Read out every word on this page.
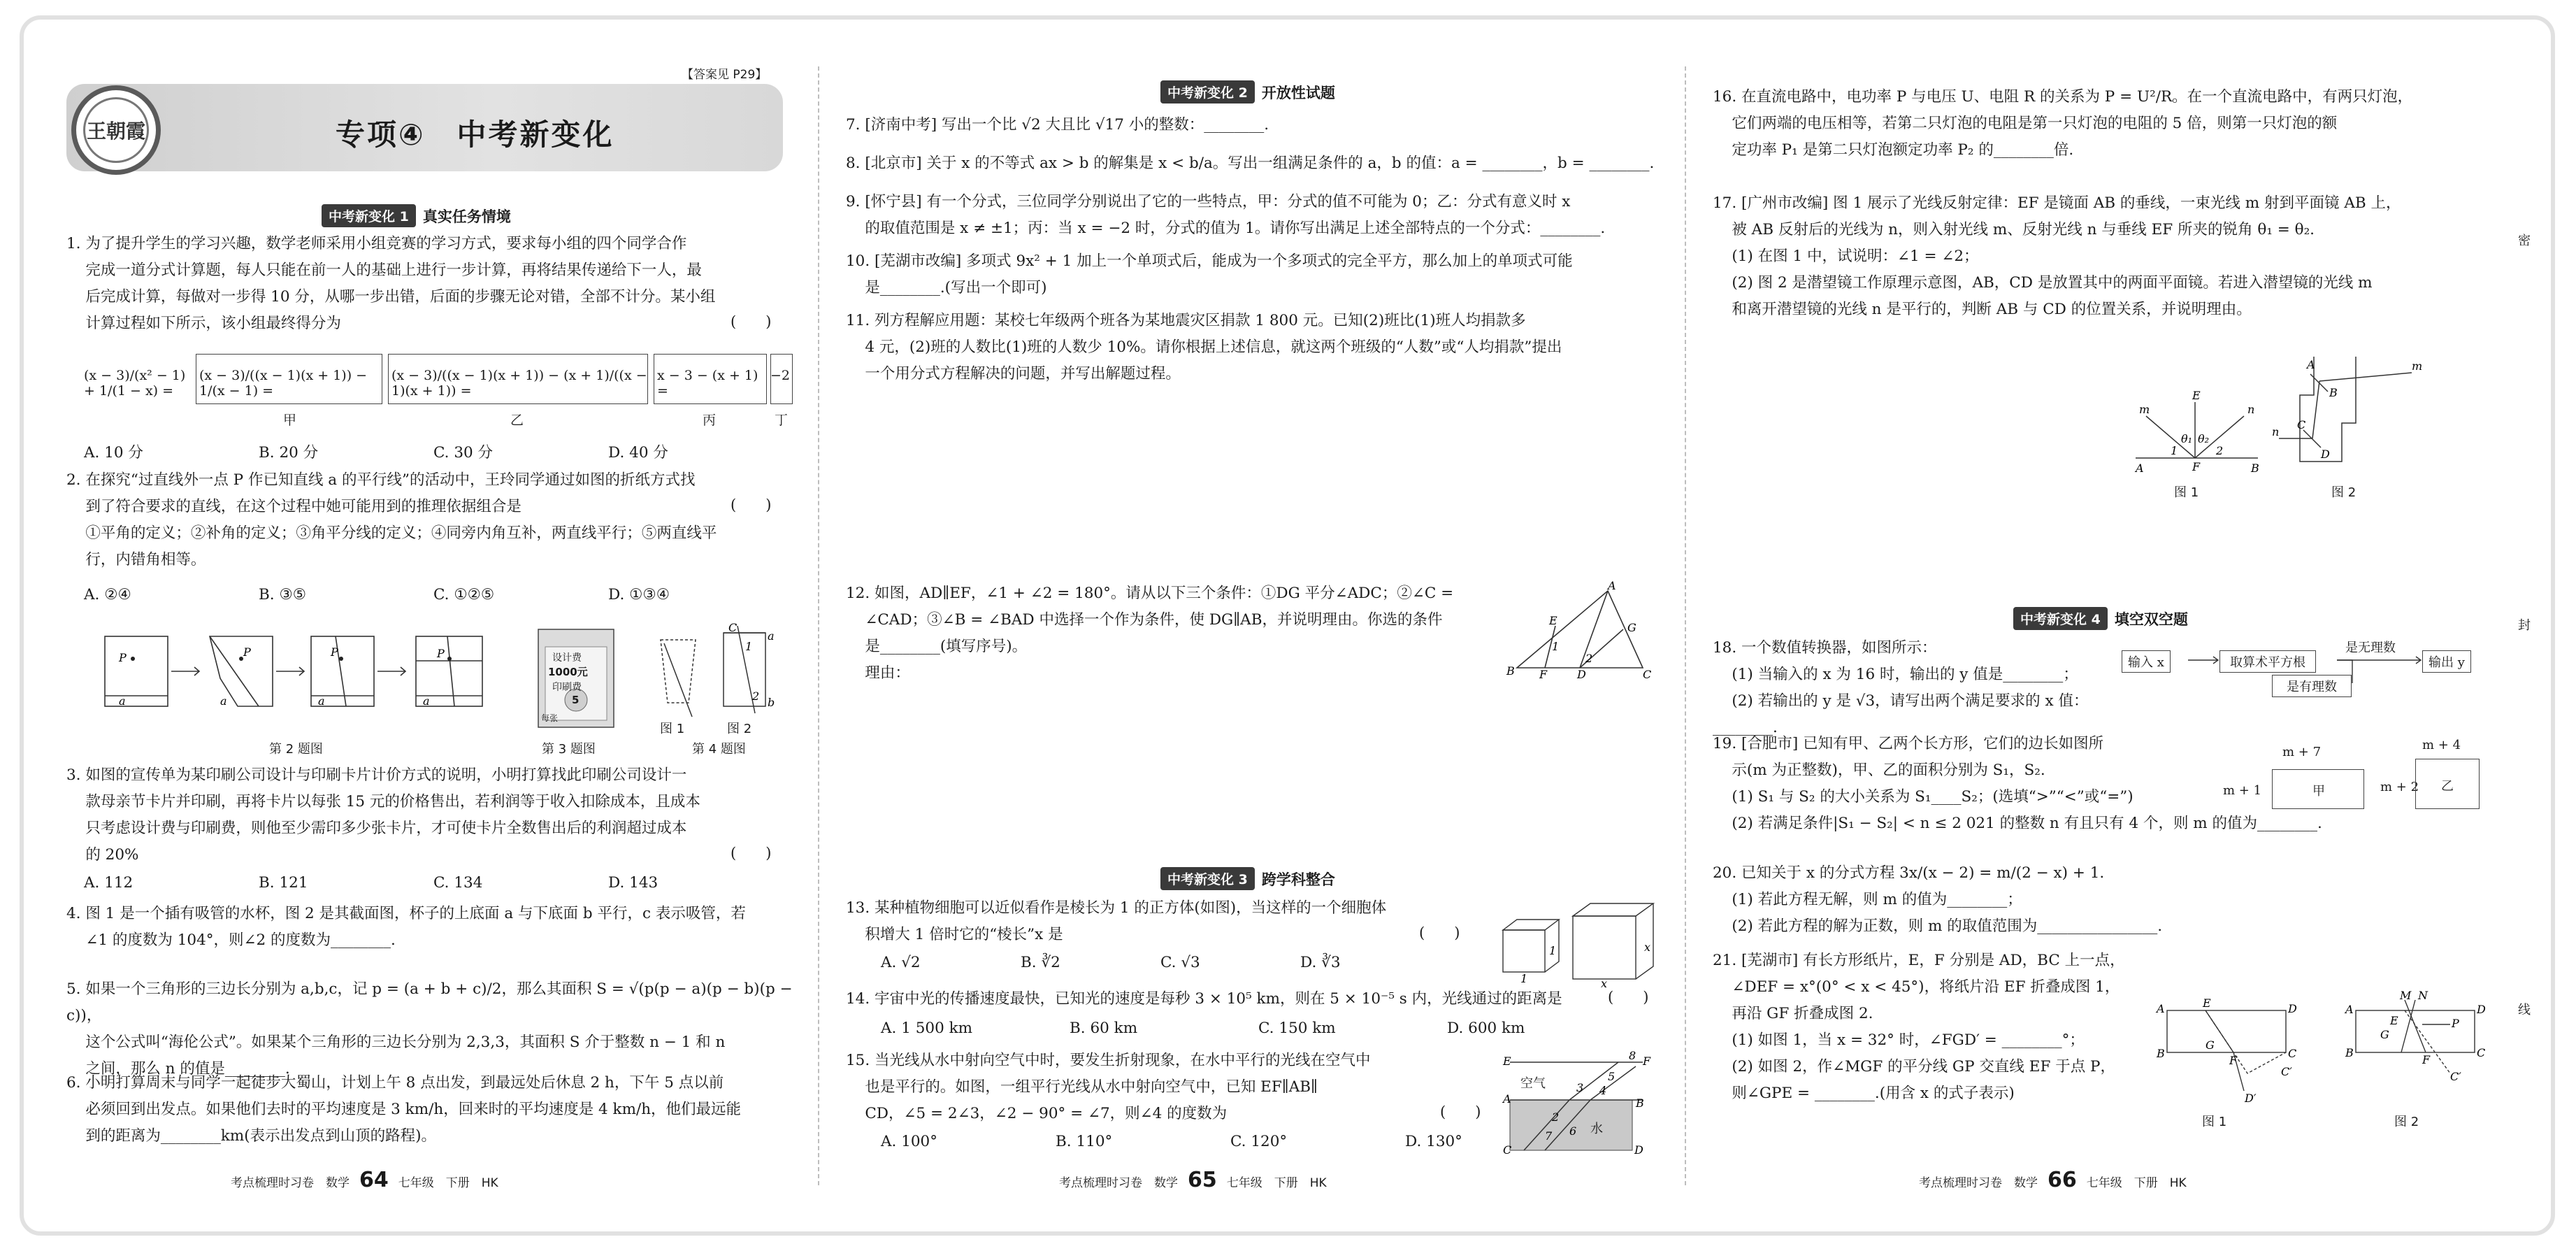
【答案见 P29】
王朝霞	专项④　中考新变化
中考新变化 1 真实任务情境
1. 为了提升学生的学习兴趣，数学老师采用小组竞赛的学习方式，要求每小组的四个同学合作
完成一道分式计算题，每人只能在前一人的基础上进行一步计算，再将结果传递给下一人，最
后完成计算，每做对一步得 10 分，从哪一步出错，后面的步骤无论对错，全部不计分。某小组
计算过程如下所示，该小组最终得分为	(　　)
(x − 3)/(x² − 1) + 1/(1 − x) =
(x − 3)/((x − 1)(x + 1)) − 1/(x − 1) =
(x − 3)/((x − 1)(x + 1)) − (x + 1)/((x − 1)(x + 1)) =
x − 3 − (x + 1) =
−2
甲	乙	丙	丁
A. 10 分	B. 20 分	C. 30 分	D. 40 分
2. 在探究“过直线外一点 P 作已知直线 a 的平行线”的活动中，王玲同学通过如图的折纸方式找
到了符合要求的直线，在这个过程中她可能用到的推理依据组合是
①平角的定义；②补角的定义；③角平分线的定义；④同旁内角互补，两直线平行；⑤两直线平
行，内错角相等。
(　　)
A. ②④	B. ③⑤	C. ①②⑤	D. ①③④
P
a
P
a
P
a
P
a
设计费
1000元
印刷费
5
每张
C
a
b
1
2
图 1	图 2
第 2 题图	第 3 题图	第 4 题图
3. 如图的宣传单为某印刷公司设计与印刷卡片计价方式的说明，小明打算找此印刷公司设计一
款母亲节卡片并印刷，再将卡片以每张 15 元的价格售出，若利润等于收入扣除成本，且成本
只考虑设计费与印刷费，则他至少需印多少张卡片，才可使卡片全数售出后的利润超过成本
的 20%	(　　)
A. 112	B. 121	C. 134	D. 143
4. 图 1 是一个插有吸管的水杯，图 2 是其截面图，杯子的上底面 a 与下底面 b 平行，c 表示吸管，若
∠1 的度数为 104°，则∠2 的度数为________.
5. 如果一个三角形的三边长分别为 a,b,c，记 p = (a + b + c)/2，那么其面积 S = √(p(p − a)(p − b)(p − c))，
这个公式叫“海伦公式”。如果某个三角形的三边长分别为 2,3,3，其面积 S 介于整数 n − 1 和 n
之间，那么 n 的值是________.
6. 小明打算周末与同学一起徒步大蜀山，计划上午 8 点出发，到最远处后休息 2 h，下午 5 点以前
必须回到出发点。如果他们去时的平均速度是 3 km/h，回来时的平均速度是 4 km/h，他们最远能
到的距离为________km(表示出发点到山顶的路程)。
考点梳理时习卷　数学 64 七年级　下册　HK
中考新变化 2 开放性试题
7. [济南中考] 写出一个比 √2 大且比 √17 小的整数：________.
8. [北京市] 关于 x 的不等式 ax > b 的解集是 x < b/a。写出一组满足条件的 a，b 的值：a = ________，b = ________.
9. [怀宁县] 有一个分式，三位同学分别说出了它的一些特点，甲：分式的值不可能为 0；乙：分式有意义时 x
的取值范围是 x ≠ ±1；丙：当 x = −2 时，分式的值为 1。请你写出满足上述全部特点的一个分式：________.
10. [芜湖市改编] 多项式 9x² + 1 加上一个单项式后，能成为一个多项式的完全平方，那么加上的单项式可能
是________.(写出一个即可)
11. 列方程解应用题：某校七年级两个班各为某地震灾区捐款 1 800 元。已知(2)班比(1)班人均捐款多
4 元，(2)班的人数比(1)班的人数少 10%。请你根据上述信息，就这两个班级的“人数”或“人均捐款”提出
一个用分式方程解决的问题，并写出解题过程。
12. 如图，AD∥EF，∠1 + ∠2 = 180°。请从以下三个条件：①DG 平分∠ADC；②∠C =
∠CAD；③∠B = ∠BAD 中选择一个作为条件，使 DG∥AB，并说明理由。你选的条件
是________(填写序号)。
理由：
A
B	C
D
E
F
G
2
1
中考新变化 3 跨学科整合
13. 某种植物细胞可以近似看作是棱长为 1 的正方体(如图)，当这样的一个细胞体
积增大 1 倍时它的“棱长”x 是	(　　)
A. √2	B. ∛2	C. √3	D. ∛3
1
1
x
x
14. 宇宙中光的传播速度最快，已知光的速度是每秒 3 × 10⁵ km，则在 5 × 10⁻⁵ s 内，光线通过的距离是	(　　)
A. 1 500 km	B. 60 km	C. 150 km	D. 600 km
15. 当光线从水中射向空气中时，要发生折射现象，在水中平行的光线在空气中
也是平行的。如图，一组平行光线从水中射向空气中，已知 EF∥AB∥
CD，∠5 = 2∠3，∠2 − 90° = ∠7，则∠4 的度数为	(　　)
A. 100°	B. 110°	C. 120°	D. 130°
E	F
A	B
C	D
3
5
2
7
4
8
6
空气
水
考点梳理时习卷　数学 65 七年级　下册　HK
16. 在直流电路中，电功率 P 与电压 U、电阻 R 的关系为 P = U²/R。在一个直流电路中，有两只灯泡，
它们两端的电压相等，若第二只灯泡的电阻是第一只灯泡的电阻的 5 倍，则第一只灯泡的额
定功率 P₁ 是第二只灯泡额定功率 P₂ 的________倍.
17. [广州市改编] 图 1 展示了光线反射定律：EF 是镜面 AB 的垂线，一束光线 m 射到平面镜 AB 上，
被 AB 反射后的光线为 n，则入射光线 m、反射光线 n 与垂线 EF 所夹的锐角 θ₁ = θ₂.
(1) 在图 1 中，试说明：∠1 = ∠2；
(2) 图 2 是潜望镜工作原理示意图，AB，CD 是放置其中的两面平面镜。若进入潜望镜的光线 m
和离开潜望镜的光线 n 是平行的，判断 AB 与 CD 的位置关系，并说明理由。
A	B
E
F
m	n
θ₁ θ₂
1	2
A
B
C
D
m
n
图 1	图 2
中考新变化 4 填空双空题
18. 一个数值转换器，如图所示：
(1) 当输入的 x 为 16 时，输出的 y 值是________；
(2) 若输出的 y 是 √3，请写出两个满足要求的 x 值：________.
输入 x	取算术平方根
是无理数
输出 y
是有理数
19. [合肥市] 已知有甲、乙两个长方形，它们的边长如图所
示(m 为正整数)，甲、乙的面积分别为 S₁，S₂.
(1) S₁ 与 S₂ 的大小关系为 S₁____S₂；(选填“>”“<”或“=”)
(2) 若满足条件|S₁ − S₂| < n ≤ 2 021 的整数 n 有且只有 4 个，则 m 的值为________.
m + 7
m + 1	甲
m + 4
m + 2 乙
20. 已知关于 x 的分式方程 3x/(x − 2) = m/(2 − x) + 1.
(1) 若此方程无解，则 m 的值为________；
(2) 若此方程的解为正数，则 m 的取值范围为________________.
21. [芜湖市] 有长方形纸片，E，F 分别是 AD，BC 上一点，
∠DEF = x°(0° < x < 45°)，将纸片沿 EF 折叠成图 1，
再沿 GF 折叠成图 2.
(1) 如图 1，当 x = 32° 时，∠FGD′ = ________°；
(2) 如图 2，作∠MGF 的平分线 GP 交直线 EF 于点 P，
则∠GPE = ________.(用含 x 的式子表示)
A	D
B	C
E
F
G
D′
C′
A	D
B	C
M N
P
E
F
G
C′
图 1	图 2
密
封
线
考点梳理时习卷　数学 66 七年级　下册　HK
